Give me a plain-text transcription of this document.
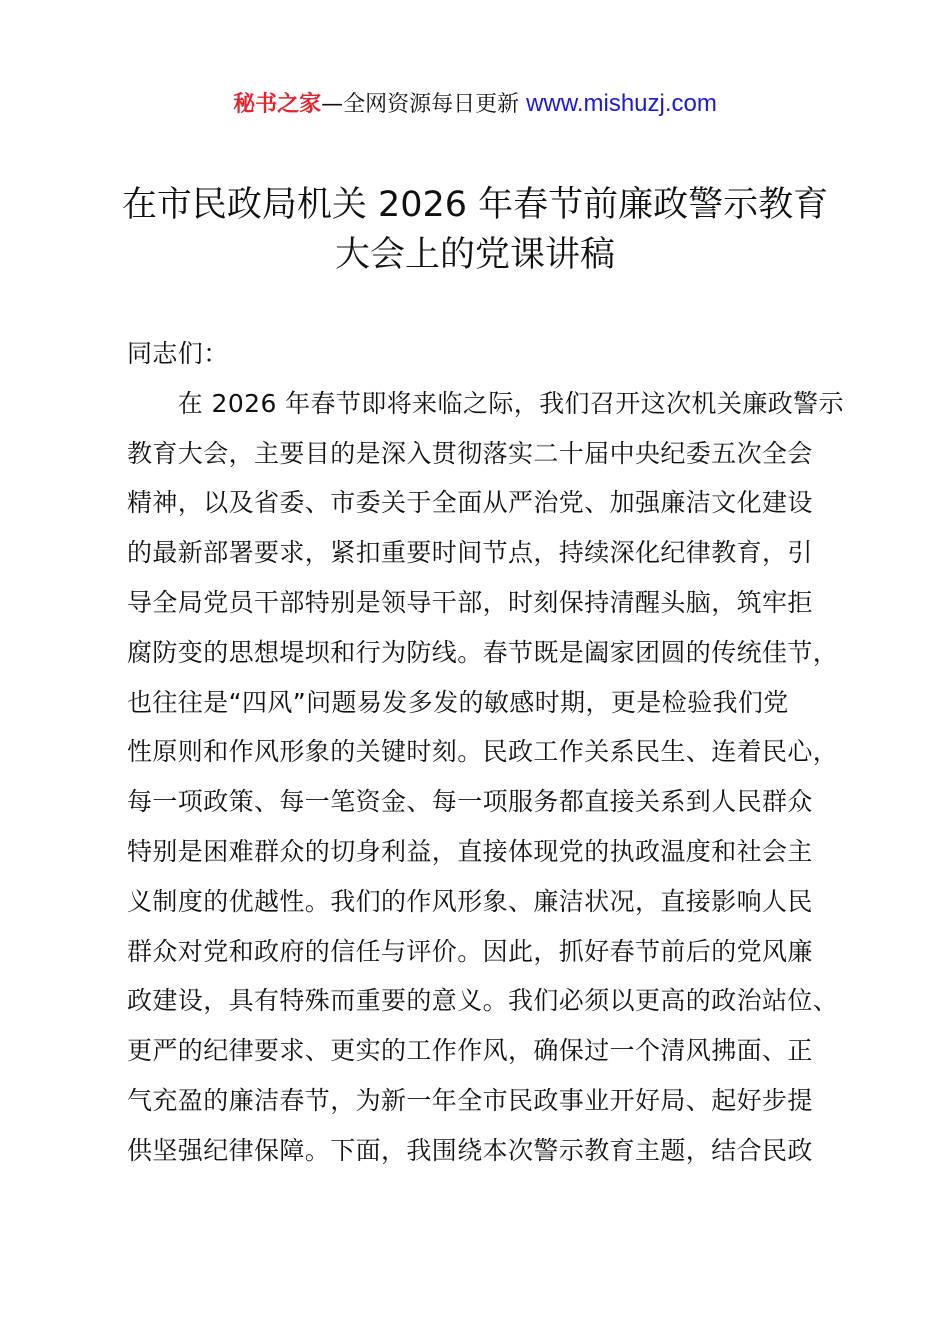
秘书之家—全网资源每日更新 www.mishuzj.com
在市民政局机关 2026 年春节前廉政警示教育
大会上的党课讲稿
同志们：
　　在 2026 年春节即将来临之际，我们召开这次机关廉政警示
教育大会，主要目的是深入贯彻落实二十届中央纪委五次全会
精神，以及省委、市委关于全面从严治党、加强廉洁文化建设
的最新部署要求，紧扣重要时间节点，持续深化纪律教育，引
导全局党员干部特别是领导干部，时刻保持清醒头脑，筑牢拒
腐防变的思想堤坝和行为防线。春节既是阖家团圆的传统佳节，
也往往是“四风”问题易发多发的敏感时期，更是检验我们党
性原则和作风形象的关键时刻。民政工作关系民生、连着民心，
每一项政策、每一笔资金、每一项服务都直接关系到人民群众
特别是困难群众的切身利益，直接体现党的执政温度和社会主
义制度的优越性。我们的作风形象、廉洁状况，直接影响人民
群众对党和政府的信任与评价。因此，抓好春节前后的党风廉
政建设，具有特殊而重要的意义。我们必须以更高的政治站位、
更严的纪律要求、更实的工作作风，确保过一个清风拂面、正
气充盈的廉洁春节，为新一年全市民政事业开好局、起好步提
供坚强纪律保障。下面，我围绕本次警示教育主题，结合民政
